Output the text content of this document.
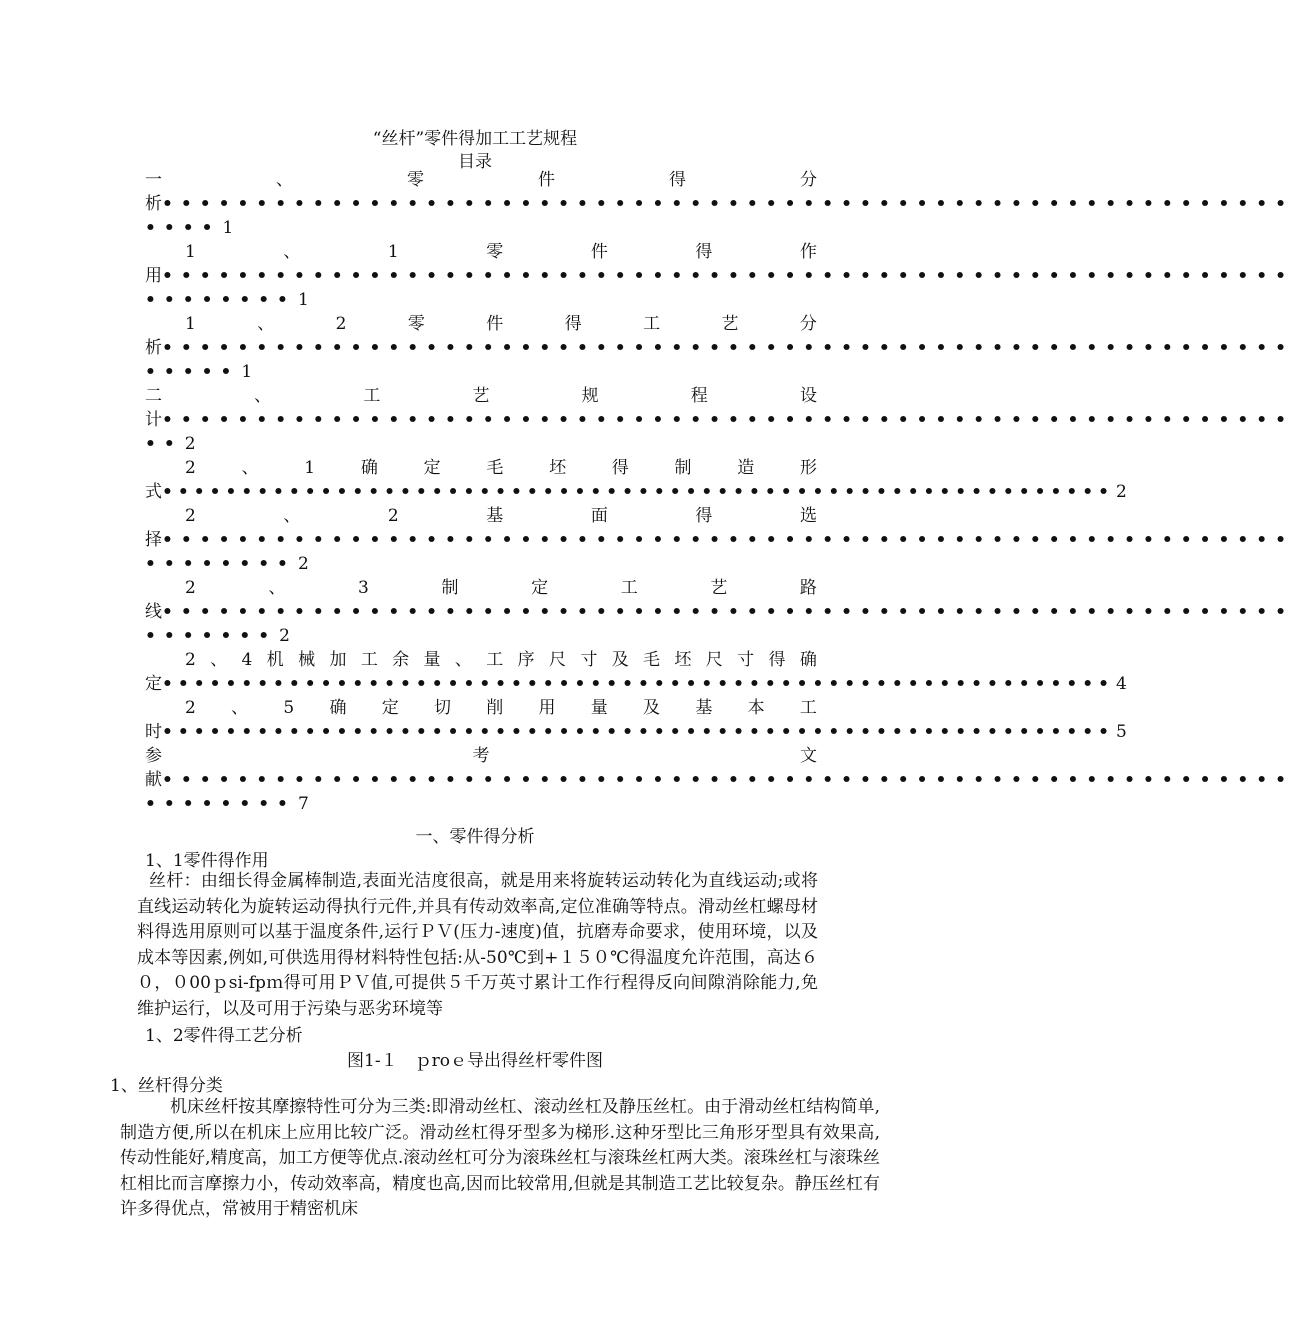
“丝杆”零件得加工工艺规程
目录
一	、	零	件	得	分
析 ••••••••••••••••••••••••••••••••••••••••••••••••••••••••••••
•••• 1
1	、	1	零	件	得	作
用 ••••••••••••••••••••••••••••••••••••••••••••••••••••••••••••
•••••••• 1
1	、	2	零	件	得	工	艺	分
析 ••••••••••••••••••••••••••••••••••••••••••••••••••••••••••••
••••• 1
二	、	工	艺	规	程	设
计 ••••••••••••••••••••••••••••••••••••••••••••••••••••••••••••
•• 2
2	、	1	确	定	毛	坯	得	制	造	形
式 •••••••••••••••••••••••••••••••••••••••••••••••••••••••••••• 2
2	、	2	基	面	得	选
择 ••••••••••••••••••••••••••••••••••••••••••••••••••••••••••••
•••••••• 2
2	、	3	制	定	工	艺	路
线 ••••••••••••••••••••••••••••••••••••••••••••••••••••••••••••
••••••• 2
2 、 4 机 械 加 工 余 量 、 工 序 尺 寸 及 毛 坯 尺 寸 得 确
定 •••••••••••••••••••••••••••••••••••••••••••••••••••••••••••• 4
2 、 5 确 定 切 削 用 量 及 基 本 工
时 •••••••••••••••••••••••••••••••••••••••••••••••••••••••••••• 5
参	考	文
献 ••••••••••••••••••••••••••••••••••••••••••••••••••••••••••••
•••••••• 7
一、零件得分析
1、1零件得作用
丝杆：由细长得金属棒制造,表面光洁度很高，就是用来将旋转运动转化为直线运动;或将直线运动转化为旋转运动得执行元件,并具有传动效率高,定位准确等特点。滑动丝杠螺母材料得选用原则可以基于温度条件,运行ＰＶ(压力-速度)值，抗磨寿命要求，使用环境，以及成本等因素,例如,可供选用得材料特性包括:从-50℃到+１５０℃得温度允许范围，高达６０，０00ｐsi-fpｍ得可用ＰＶ值,可提供５千万英寸累计工作行程得反向间隙消除能力,免维护运行，以及可用于污染与恶劣环境等
1、2零件得工艺分析
图1-１　ｐroｅ导出得丝杆零件图
1、丝杆得分类
机床丝杆按其摩擦特性可分为三类:即滑动丝杠、滚动丝杠及静压丝杠。由于滑动丝杠结构简单,制造方便,所以在机床上应用比较广泛。滑动丝杠得牙型多为梯形.这种牙型比三角形牙型具有效果高,传动性能好,精度高，加工方便等优点.滚动丝杠可分为滚珠丝杠与滚珠丝杠两大类。滚珠丝杠与滚珠丝杠相比而言摩擦力小，传动效率高，精度也高,因而比较常用,但就是其制造工艺比较复杂。静压丝杠有许多得优点，常被用于精密机床
